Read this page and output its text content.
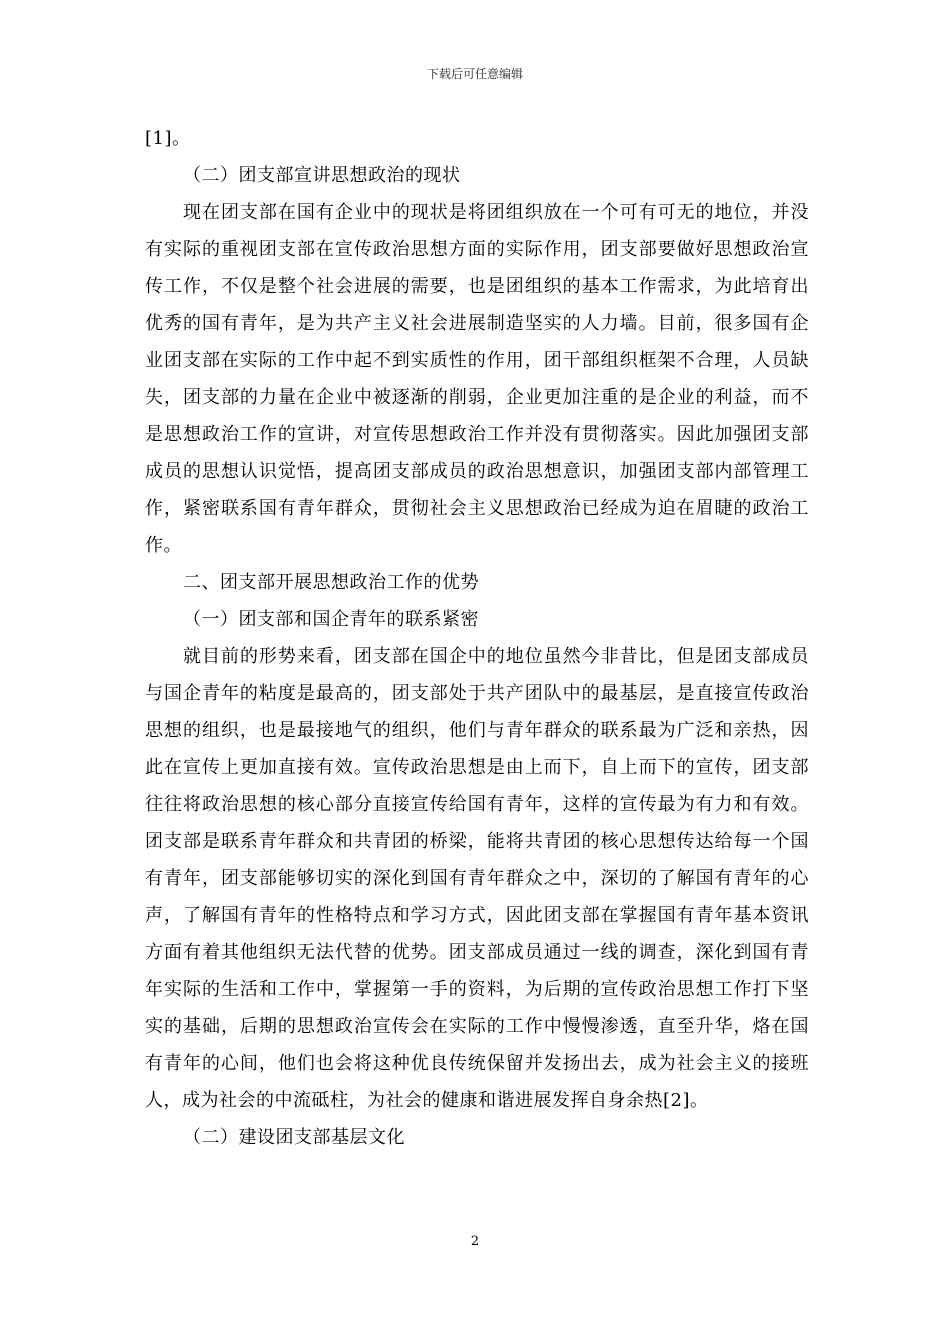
下载后可任意编辑

[1]。

（二）团支部宣讲思想政治的现状

现在团支部在国有企业中的现状是将团组织放在一个可有可无的地位，并没有实际的重视团支部在宣传政治思想方面的实际作用，团支部要做好思想政治宣传工作，不仅是整个社会进展的需要，也是团组织的基本工作需求，为此培育出优秀的国有青年，是为共产主义社会进展制造坚实的人力墙。目前，很多国有企业团支部在实际的工作中起不到实质性的作用，团干部组织框架不合理，人员缺失，团支部的力量在企业中被逐渐的削弱，企业更加注重的是企业的利益，而不是思想政治工作的宣讲，对宣传思想政治工作并没有贯彻落实。因此加强团支部成员的思想认识觉悟，提高团支部成员的政治思想意识，加强团支部内部管理工作，紧密联系国有青年群众，贯彻社会主义思想政治已经成为迫在眉睫的政治工作。

二、团支部开展思想政治工作的优势

（一）团支部和国企青年的联系紧密

就目前的形势来看，团支部在国企中的地位虽然今非昔比，但是团支部成员与国企青年的粘度是最高的，团支部处于共产团队中的最基层，是直接宣传政治思想的组织，也是最接地气的组织，他们与青年群众的联系最为广泛和亲热，因此在宣传上更加直接有效。宣传政治思想是由上而下，自上而下的宣传，团支部往往将政治思想的核心部分直接宣传给国有青年，这样的宣传最为有力和有效。团支部是联系青年群众和共青团的桥梁，能将共青团的核心思想传达给每一个国有青年，团支部能够切实的深化到国有青年群众之中，深切的了解国有青年的心声，了解国有青年的性格特点和学习方式，因此团支部在掌握国有青年基本资讯方面有着其他组织无法代替的优势。团支部成员通过一线的调查，深化到国有青年实际的生活和工作中，掌握第一手的资料，为后期的宣传政治思想工作打下坚实的基础，后期的思想政治宣传会在实际的工作中慢慢渗透，直至升华，烙在国有青年的心间，他们也会将这种优良传统保留并发扬出去，成为社会主义的接班人，成为社会的中流砥柱，为社会的健康和谐进展发挥自身余热[2]。

（二）建设团支部基层文化

2
